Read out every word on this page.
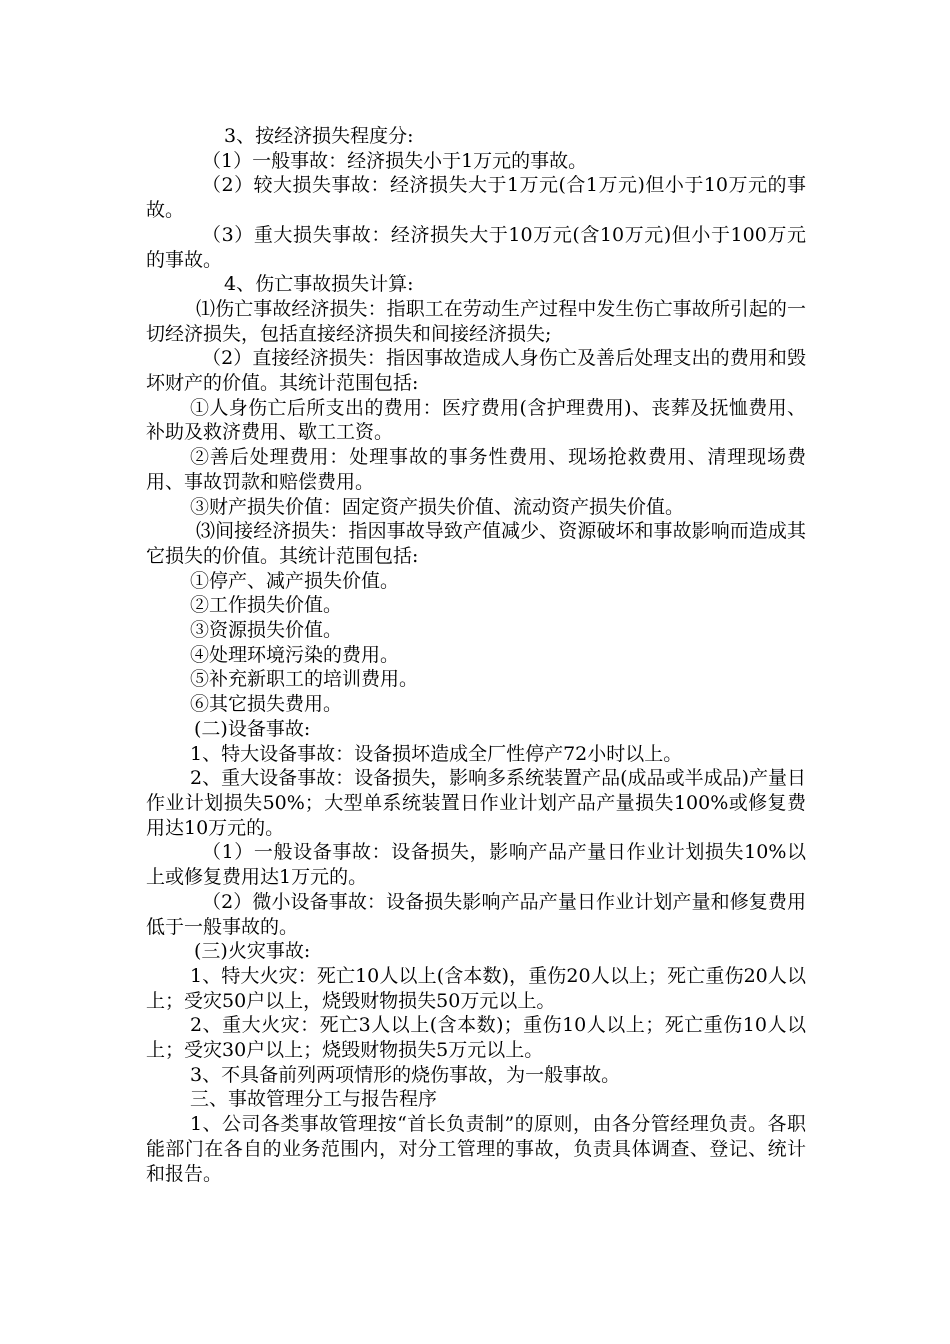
3、按经济损失程度分:

（1）一般事故：经济损失小于1万元的事故。

（2）较大损失事故：经济损失大于1万元(合1万元)但小于10万元的事故。

（3）重大损失事故：经济损失大于10万元(含10万元)但小于100万元的事故。

4、伤亡事故损失计算:

⑴伤亡事故经济损失：指职工在劳动生产过程中发生伤亡事故所引起的一切经济损失，包括直接经济损失和间接经济损失;

（2）直接经济损失：指因事故造成人身伤亡及善后处理支出的费用和毁坏财产的价值。其统计范围包括:

①人身伤亡后所支出的费用：医疗费用(含护理费用)、丧葬及抚恤费用、补助及救济费用、歇工工资。

②善后处理费用：处理事故的事务性费用、现场抢救费用、清理现场费用、事故罚款和赔偿费用。

③财产损失价值：固定资产损失价值、流动资产损失价值。

⑶间接经济损失：指因事故导致产值减少、资源破坏和事故影响而造成其它损失的价值。其统计范围包括:

①停产、减产损失价值。

②工作损失价值。

③资源损失价值。

④处理环境污染的费用。

⑤补充新职工的培训费用。

⑥其它损失费用。

(二)设备事故:

1、特大设备事故：设备损坏造成全厂性停产72小时以上。

2、重大设备事故：设备损失，影响多系统装置产品(成品或半成品)产量日作业计划损失50%；大型单系统装置日作业计划产品产量损失100%或修复费用达10万元的。

（1）一般设备事故：设备损失，影响产品产量日作业计划损失10%以上或修复费用达1万元的。

（2）微小设备事故：设备损失影响产品产量日作业计划产量和修复费用低于一般事故的。

(三)火灾事故:

1、特大火灾：死亡10人以上(含本数)，重伤20人以上；死亡重伤20人以上；受灾50户以上，烧毁财物损失50万元以上。

2、重大火灾：死亡3人以上(含本数)；重伤10人以上；死亡重伤10人以上；受灾30户以上；烧毁财物损失5万元以上。

3、不具备前列两项情形的烧伤事故，为一般事故。

三、事故管理分工与报告程序

1、公司各类事故管理按“首长负责制”的原则，由各分管经理负责。各职能部门在各自的业务范围内，对分工管理的事故，负责具体调查、登记、统计和报告。
